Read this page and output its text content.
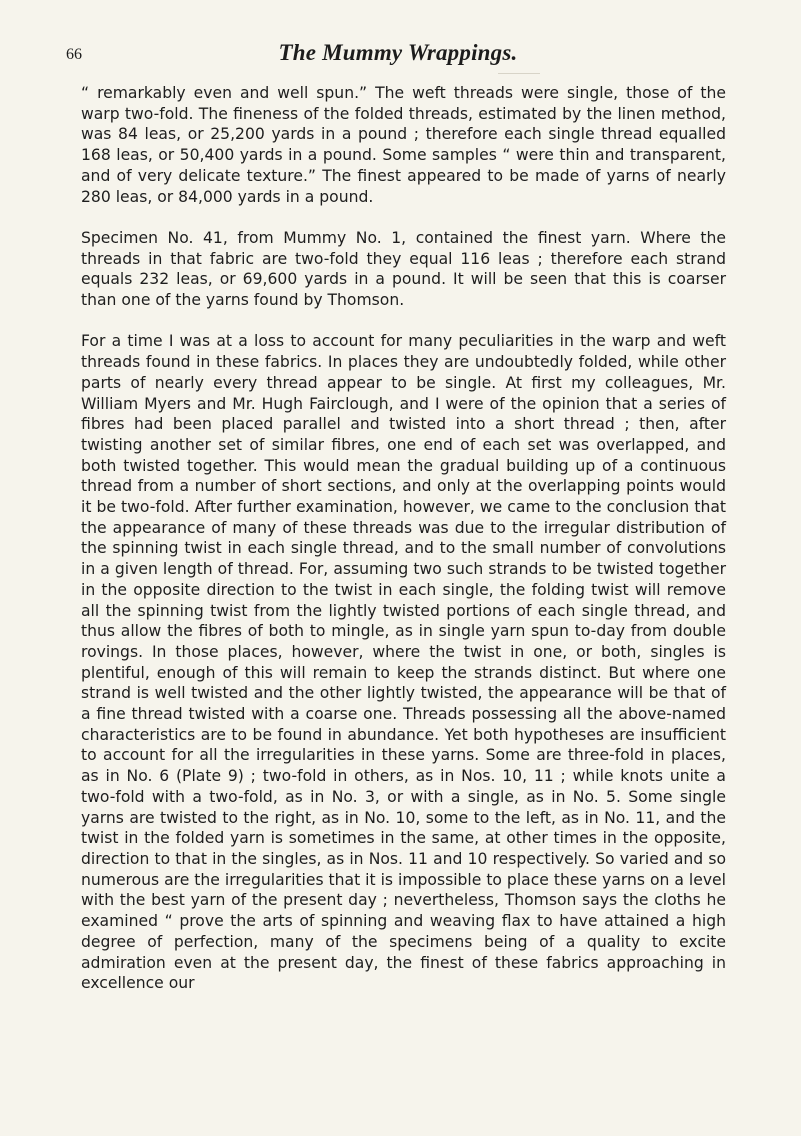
66	The Mummy Wrappings.

“ remarkably even and well spun.” The weft threads were single, those of the warp two-fold. The fineness of the folded threads, estimated by the linen method, was 84 leas, or 25,200 yards in a pound ; therefore each single thread equalled 168 leas, or 50,400 yards in a pound. Some samples “ were thin and transparent, and of very delicate texture.” The finest appeared to be made of yarns of nearly 280 leas, or 84,000 yards in a pound.

Specimen No. 41, from Mummy No. 1, contained the finest yarn. Where the threads in that fabric are two-fold they equal 116 leas ; therefore each strand equals 232 leas, or 69,600 yards in a pound. It will be seen that this is coarser than one of the yarns found by Thomson.

For a time I was at a loss to account for many peculiarities in the warp and weft threads found in these fabrics. In places they are undoubtedly folded, while other parts of nearly every thread appear to be single. At first my colleagues, Mr. William Myers and Mr. Hugh Fairclough, and I were of the opinion that a series of fibres had been placed parallel and twisted into a short thread ; then, after twisting another set of similar fibres, one end of each set was overlapped, and both twisted together. This would mean the gradual building up of a continuous thread from a number of short sections, and only at the overlapping points would it be two-fold. After further examination, however, we came to the conclusion that the appearance of many of these threads was due to the irregular distribution of the spinning twist in each single thread, and to the small number of convolutions in a given length of thread. For, assuming two such strands to be twisted together in the opposite direction to the twist in each single, the folding twist will remove all the spinning twist from the lightly twisted portions of each single thread, and thus allow the fibres of both to mingle, as in single yarn spun to-day from double rovings. In those places, however, where the twist in one, or both, singles is plentiful, enough of this will remain to keep the strands distinct. But where one strand is well twisted and the other lightly twisted, the appearance will be that of a fine thread twisted with a coarse one. Threads possessing all the above-named characteristics are to be found in abundance. Yet both hypotheses are insufficient to account for all the irregularities in these yarns. Some are three-fold in places, as in No. 6 (Plate 9) ; two-fold in others, as in Nos. 10, 11 ; while knots unite a two-fold with a two-fold, as in No. 3, or with a single, as in No. 5. Some single yarns are twisted to the right, as in No. 10, some to the left, as in No. 11, and the twist in the folded yarn is sometimes in the same, at other times in the opposite, direction to that in the singles, as in Nos. 11 and 10 respectively. So varied and so numerous are the irregularities that it is impossible to place these yarns on a level with the best yarn of the present day ; nevertheless, Thomson says the cloths he examined “ prove the arts of spinning and weaving flax to have attained a high degree of perfection, many of the specimens being of a quality to excite admiration even at the present day, the finest of these fabrics approaching in excellence our
